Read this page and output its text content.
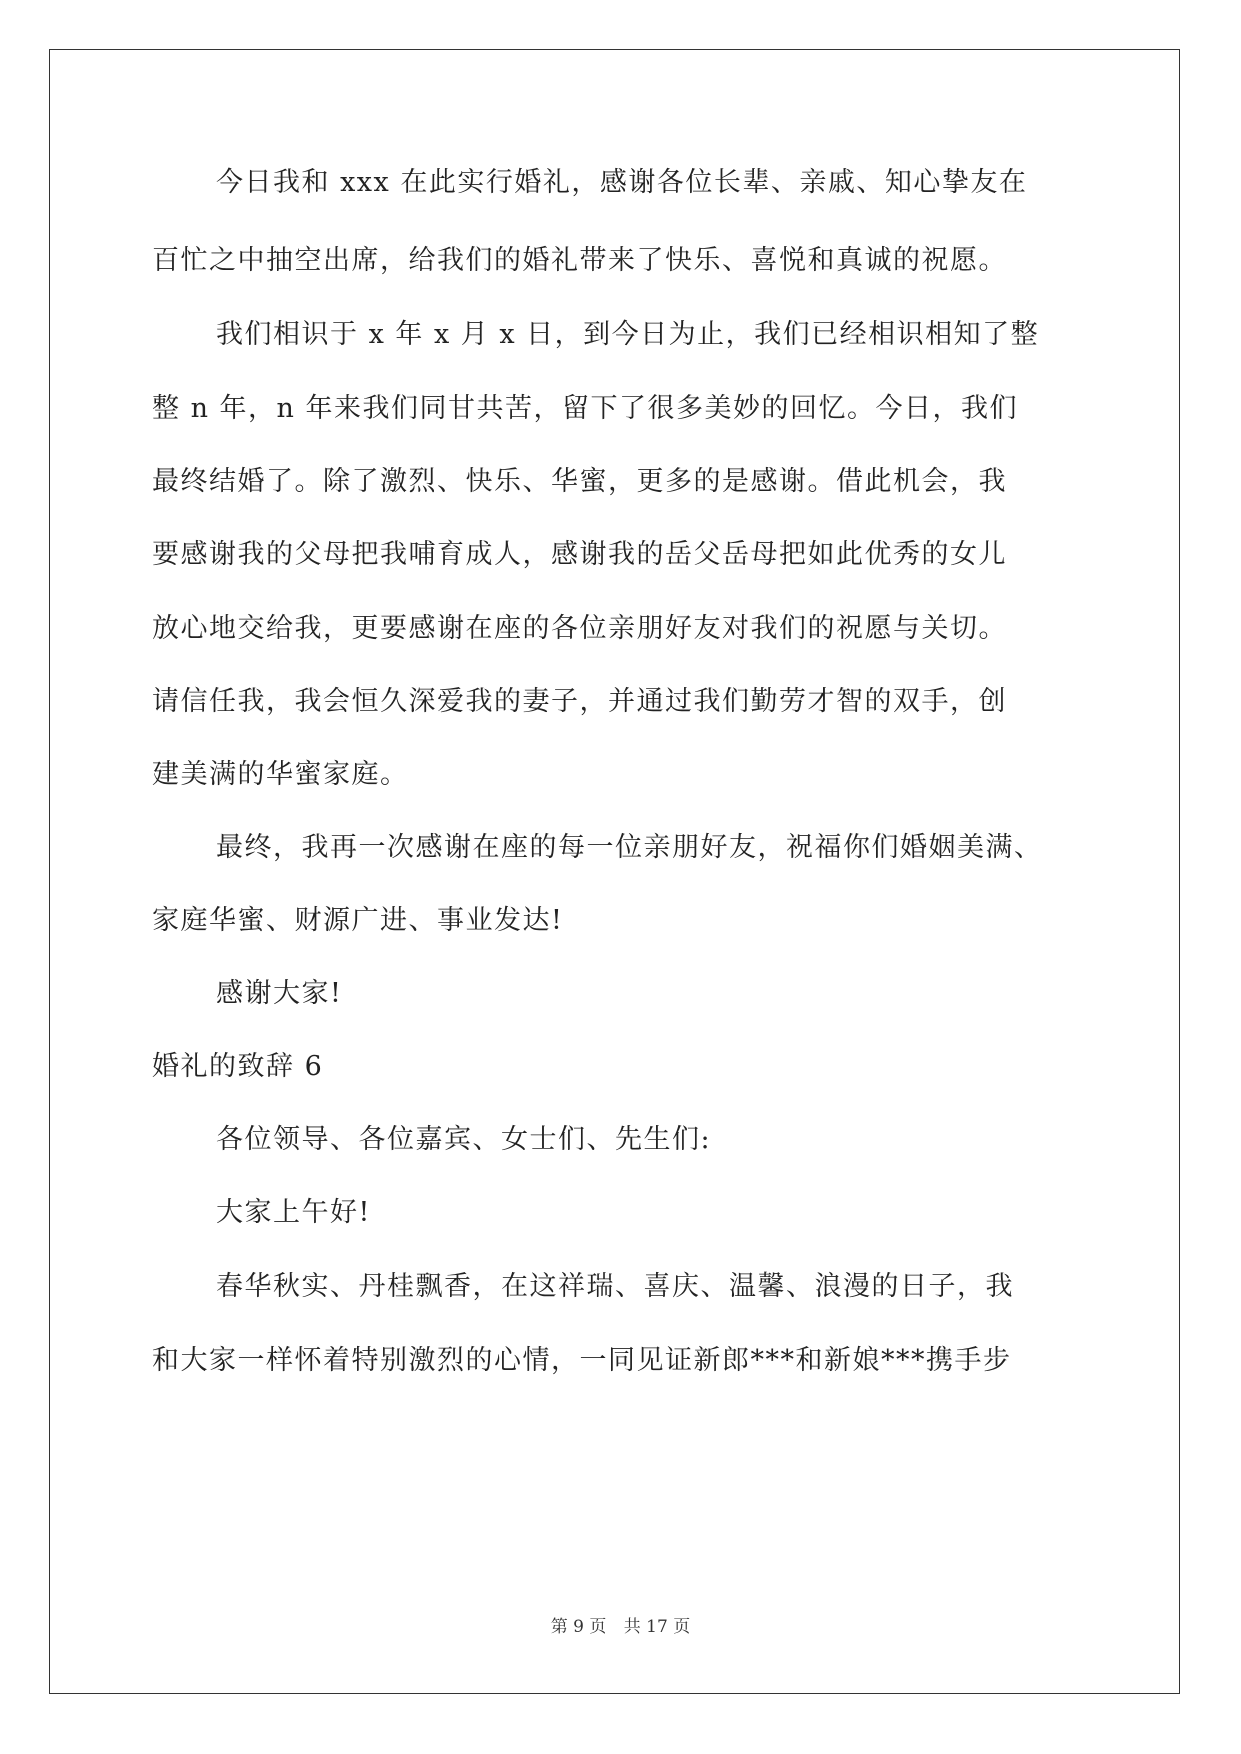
今日我和 xxx 在此实行婚礼，感谢各位长辈、亲戚、知心挚友在
百忙之中抽空出席，给我们的婚礼带来了快乐、喜悦和真诚的祝愿。
我们相识于 x 年 x 月 x 日，到今日为止，我们已经相识相知了整
整 n 年，n 年来我们同甘共苦，留下了很多美妙的回忆。今日，我们
最终结婚了。除了激烈、快乐、华蜜，更多的是感谢。借此机会，我
要感谢我的父母把我哺育成人，感谢我的岳父岳母把如此优秀的女儿
放心地交给我，更要感谢在座的各位亲朋好友对我们的祝愿与关切。
请信任我，我会恒久深爱我的妻子，并通过我们勤劳才智的双手，创
建美满的华蜜家庭。
最终，我再一次感谢在座的每一位亲朋好友，祝福你们婚姻美满、
家庭华蜜、财源广进、事业发达!
感谢大家!
婚礼的致辞 6
各位领导、各位嘉宾、女士们、先生们:
大家上午好!
春华秋实、丹桂飘香，在这祥瑞、喜庆、温馨、浪漫的日子，我
和大家一样怀着特别激烈的心情，一同见证新郎***和新娘***携手步
第 9 页 共 17 页
